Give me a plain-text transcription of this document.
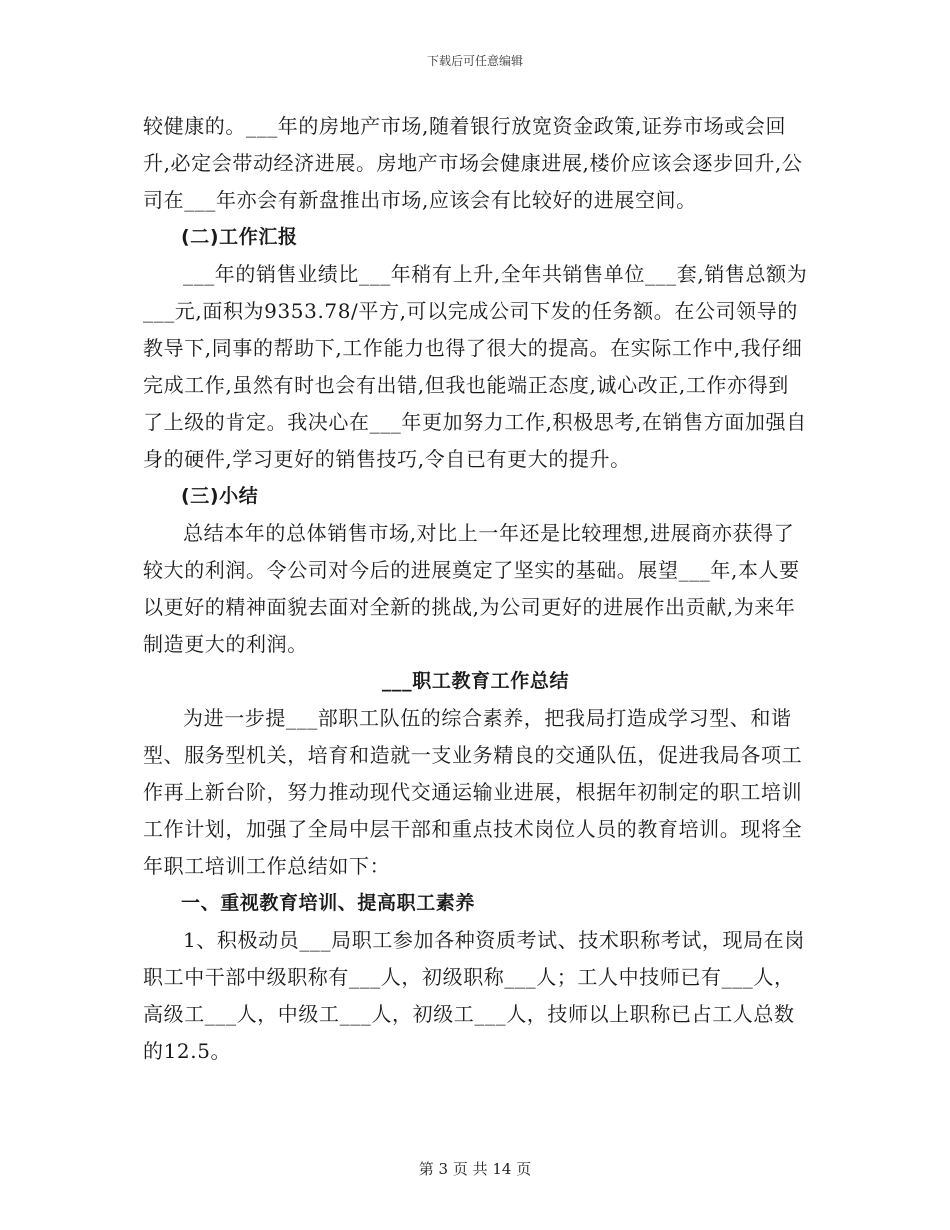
下载后可任意编辑

较健康的。___年的房地产市场,随着银行放宽资金政策,证券市场或会回升,必定会带动经济进展。房地产市场会健康进展,楼价应该会逐步回升,公司在___年亦会有新盘推出市场,应该会有比较好的进展空间。

(二)工作汇报

___年的销售业绩比___年稍有上升,全年共销售单位___套,销售总额为___元,面积为9353.78/平方,可以完成公司下发的任务额。在公司领导的教导下,同事的帮助下,工作能力也得了很大的提高。在实际工作中,我仔细完成工作,虽然有时也会有出错,但我也能端正态度,诚心改正,工作亦得到了上级的肯定。我决心在___年更加努力工作,积极思考,在销售方面加强自身的硬件,学习更好的销售技巧,令自已有更大的提升。

(三)小结

总结本年的总体销售市场,对比上一年还是比较理想,进展商亦获得了较大的利润。令公司对今后的进展奠定了坚实的基础。展望___年,本人要以更好的精神面貌去面对全新的挑战,为公司更好的进展作出贡献,为来年制造更大的利润。

___职工教育工作总结

为进一步提___部职工队伍的综合素养，把我局打造成学习型、和谐型、服务型机关，培育和造就一支业务精良的交通队伍，促进我局各项工作再上新台阶，努力推动现代交通运输业进展，根据年初制定的职工培训工作计划，加强了全局中层干部和重点技术岗位人员的教育培训。现将全年职工培训工作总结如下：

一、重视教育培训、提高职工素养

1、积极动员___局职工参加各种资质考试、技术职称考试，现局在岗职工中干部中级职称有___人，初级职称___人；工人中技师已有___人，高级工___人，中级工___人，初级工___人，技师以上职称已占工人总数的12.5。

第 3 页 共 14 页
